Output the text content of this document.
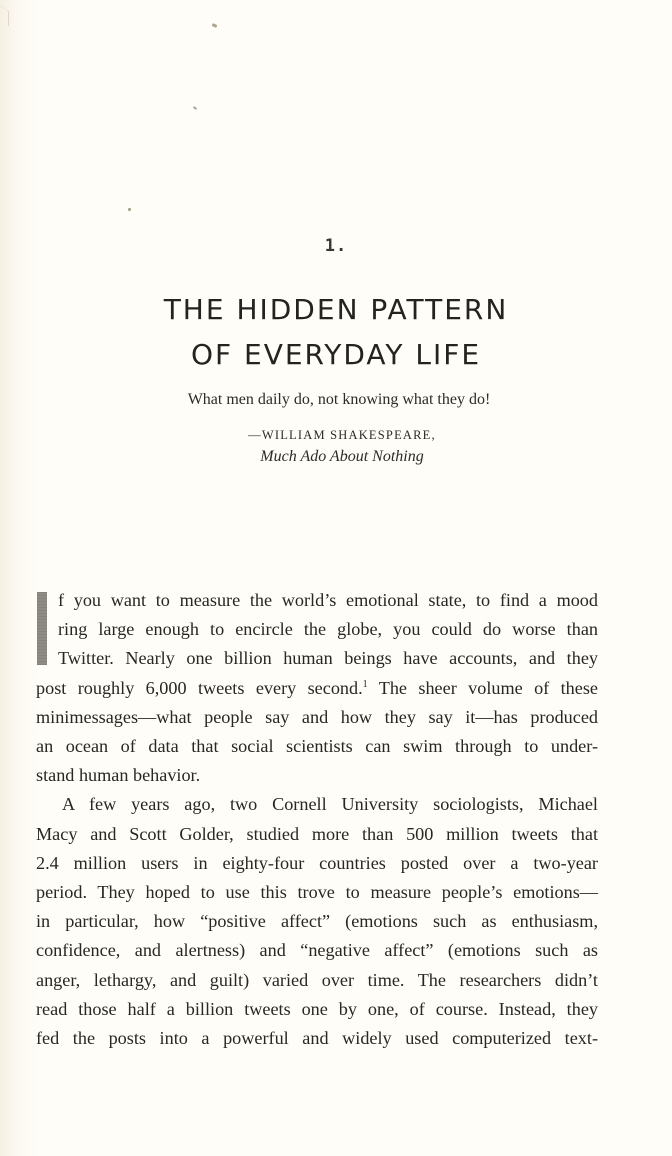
1.
THE HIDDEN PATTERN
OF EVERYDAY LIFE
What men daily do, not knowing what they do!
—WILLIAM SHAKESPEARE,
Much Ado About Nothing
f you want to measure the world’s emotional state, to find a mood
ring large enough to encircle the globe, you could do worse than
Twitter. Nearly one billion human beings have accounts, and they
post roughly 6,000 tweets every second.$^1$ The sheer volume of these
minimessages—what people say and how they say it—has produced
an ocean of data that social scientists can swim through to under-
stand human behavior.
A few years ago, two Cornell University sociologists, Michael
Macy and Scott Golder, studied more than 500 million tweets that
2.4 million users in eighty-four countries posted over a two-year
period. They hoped to use this trove to measure people’s emotions—
in particular, how “positive affect” (emotions such as enthusiasm,
confidence, and alertness) and “negative affect” (emotions such as
anger, lethargy, and guilt) varied over time. The researchers didn’t
read those half a billion tweets one by one, of course. Instead, they
fed the posts into a powerful and widely used computerized text-
